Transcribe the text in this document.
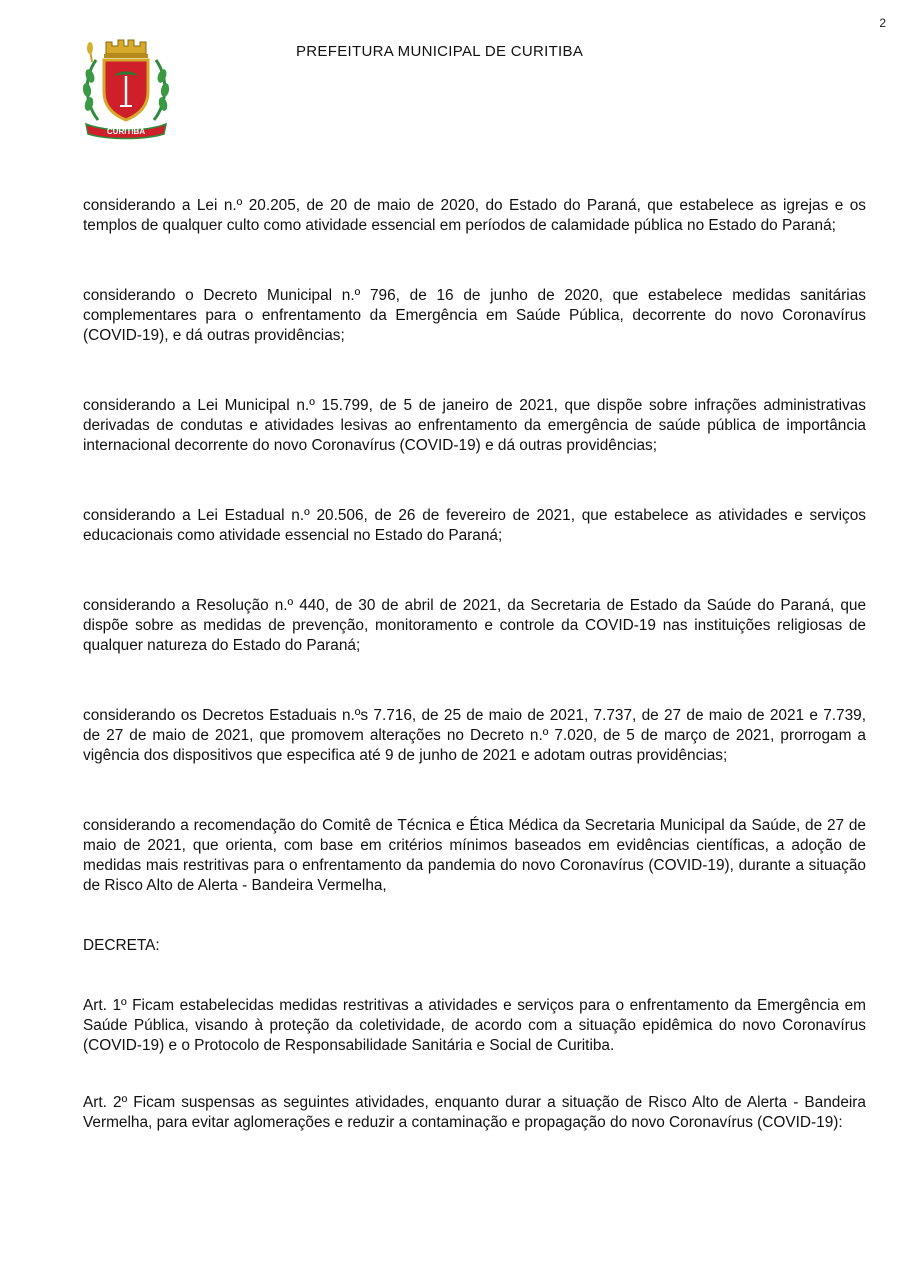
2
CURITIBA
PREFEITURA MUNICIPAL DE CURITIBA

considerando a Lei n.º 20.205, de 20 de maio de 2020, do Estado do Paraná, que estabelece as igrejas e os templos de qualquer culto como atividade essencial em períodos de calamidade pública no Estado do Paraná;

considerando o Decreto Municipal n.º 796, de 16 de junho de 2020, que estabelece medidas sanitárias complementares para o enfrentamento da Emergência em Saúde Pública, decorrente do novo Coronavírus (COVID-19), e dá outras providências;

considerando a Lei Municipal n.º 15.799, de 5 de janeiro de 2021, que dispõe sobre infrações administrativas derivadas de condutas e atividades lesivas ao enfrentamento da emergência de saúde pública de importância internacional decorrente do novo Coronavírus (COVID-19) e dá outras providências;

considerando a Lei Estadual n.º 20.506, de 26 de fevereiro de 2021, que estabelece as atividades e serviços educacionais como atividade essencial no Estado do Paraná;

considerando a Resolução n.º 440, de 30 de abril de 2021, da Secretaria de Estado da Saúde do Paraná, que dispõe sobre as medidas de prevenção, monitoramento e controle da COVID-19 nas instituições religiosas de qualquer natureza do Estado do Paraná;

considerando os Decretos Estaduais n.ºs 7.716, de 25 de maio de 2021, 7.737, de 27 de maio de 2021 e 7.739, de 27 de maio de 2021, que promovem alterações no Decreto n.º 7.020, de 5 de março de 2021, prorrogam a vigência dos dispositivos que especifica até 9 de junho de 2021 e adotam outras providências;

considerando a recomendação do Comitê de Técnica e Ética Médica da Secretaria Municipal da Saúde, de 27 de maio de 2021, que orienta, com base em critérios mínimos baseados em evidências científicas, a adoção de medidas mais restritivas para o enfrentamento da pandemia do novo Coronavírus (COVID-19), durante a situação de Risco Alto de Alerta - Bandeira Vermelha,

DECRETA:

Art. 1º Ficam estabelecidas medidas restritivas a atividades e serviços para o enfrentamento da Emergência em Saúde Pública, visando à proteção da coletividade, de acordo com a situação epidêmica do novo Coronavírus (COVID-19) e o Protocolo de Responsabilidade Sanitária e Social de Curitiba.

Art. 2º Ficam suspensas as seguintes atividades, enquanto durar a situação de Risco Alto de Alerta - Bandeira Vermelha, para evitar aglomerações e reduzir a contaminação e propagação do novo Coronavírus (COVID-19):
